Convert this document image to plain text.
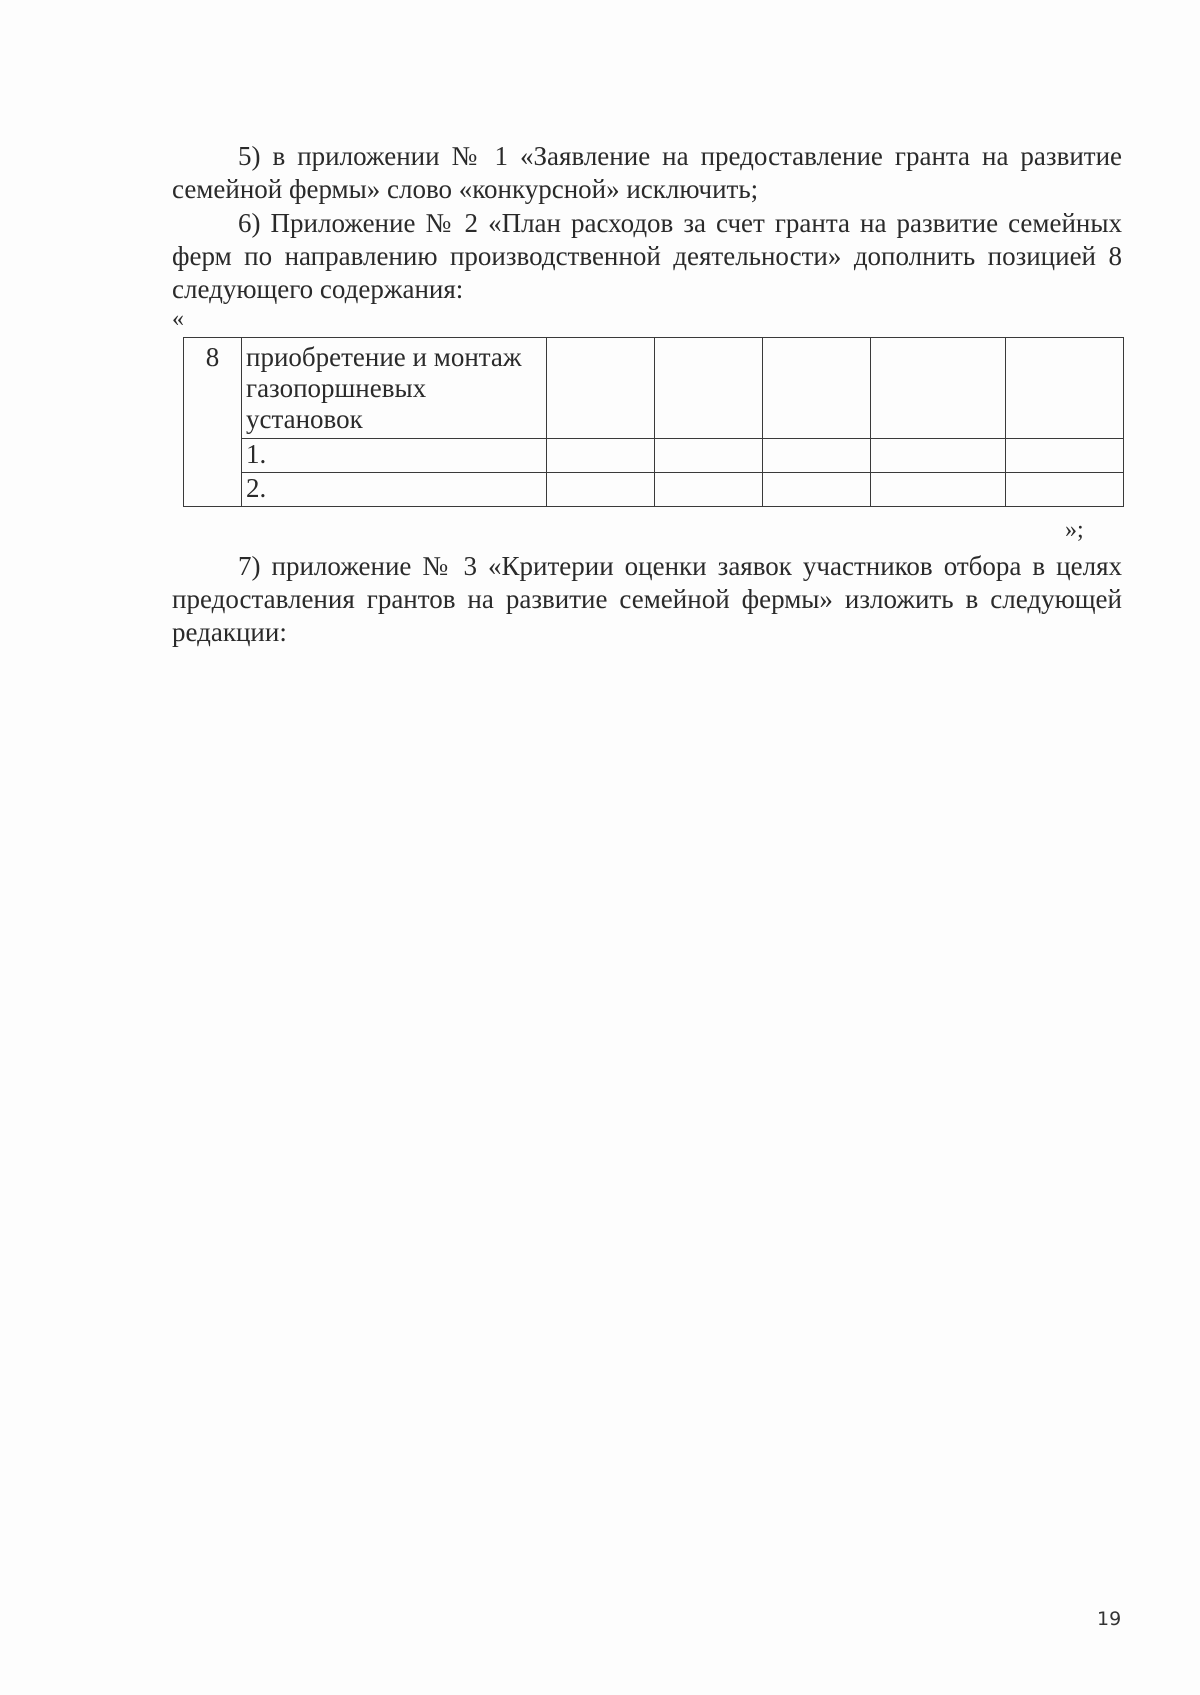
5) в приложении № 1 «Заявление на предоставление гранта на развитие семейной фермы» слово «конкурсной» исключить;

6) Приложение № 2 «План расходов за счет гранта на развитие семейных ферм по направлению производственной деятельности» дополнить позицией 8 следующего содержания:

«
8	приобретение и монтаж газопоршневых установок					
	1.					
	2.					
»;

7) приложение № 3 «Критерии оценки заявок участников отбора в целях предоставления грантов на развитие семейной фермы» изложить в следующей редакции:

19
